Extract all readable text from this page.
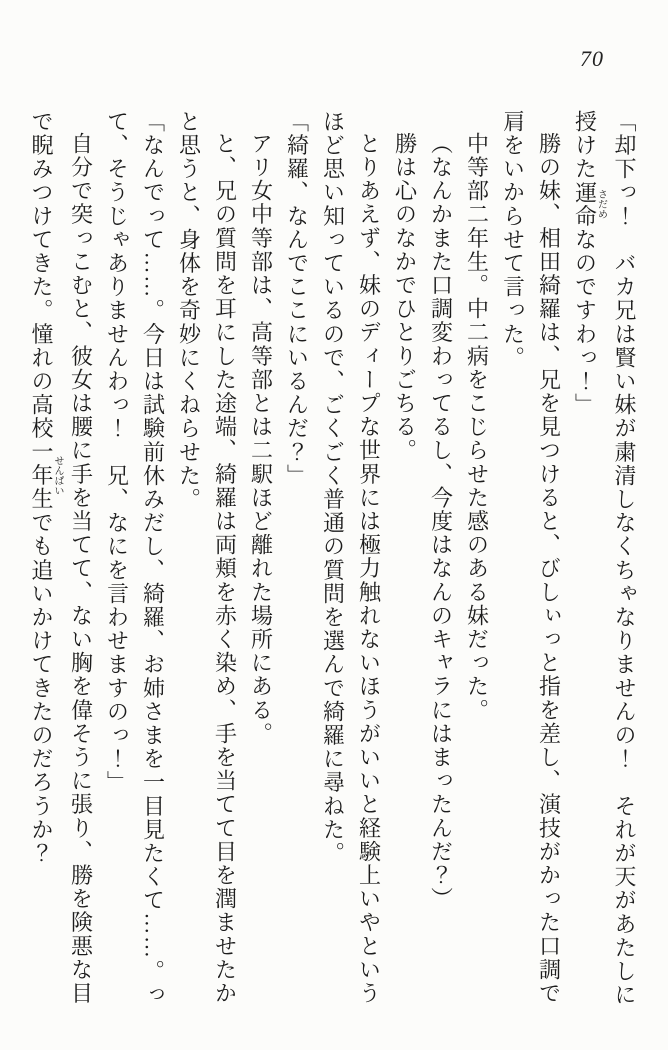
70

「却下っ！　バカ兄は賢い妹が粛清しなくちゃなりませんの！　それが天があたしに

授けた運命さだめなのですわっ！」

勝の妹、相田綺羅は、兄を見つけると、びしぃっと指を差し、演技がかった口調で

肩をいからせて言った。

中等部二年生。中二病をこじらせた感のある妹だった。

（なんかまた口調変わってるし、今度はなんのキャラにはまったんだ？）

勝は心のなかでひとりごちる。

とりあえず、妹のディープな世界には極力触れないほうがいいと経験上いやという

ほど思い知っているので、ごくごく普通の質問を選んで綺羅に尋ねた。

「綺羅、なんでここにいるんだ？」

アリ女中等部は、高等部とは二駅ほど離れた場所にある。

と、兄の質問を耳にした途端、綺羅は両頬を赤く染め、手を当てて目を潤ませたか

と思うと、身体を奇妙にくねらせた。

「なんでって……。今日は試験前休みだし、綺羅、お姉さまを一目見たくて……。っ

て、そうじゃありませんわっ！　兄、なにを言わせますのっ！」

自分で突っこむと、彼女は腰に手を当てて、ない胸を偉そうに張り、勝を険悪な目

で睨みつけてきた。憧れの高校一年生せんぱいでも追いかけてきたのだろうか？
